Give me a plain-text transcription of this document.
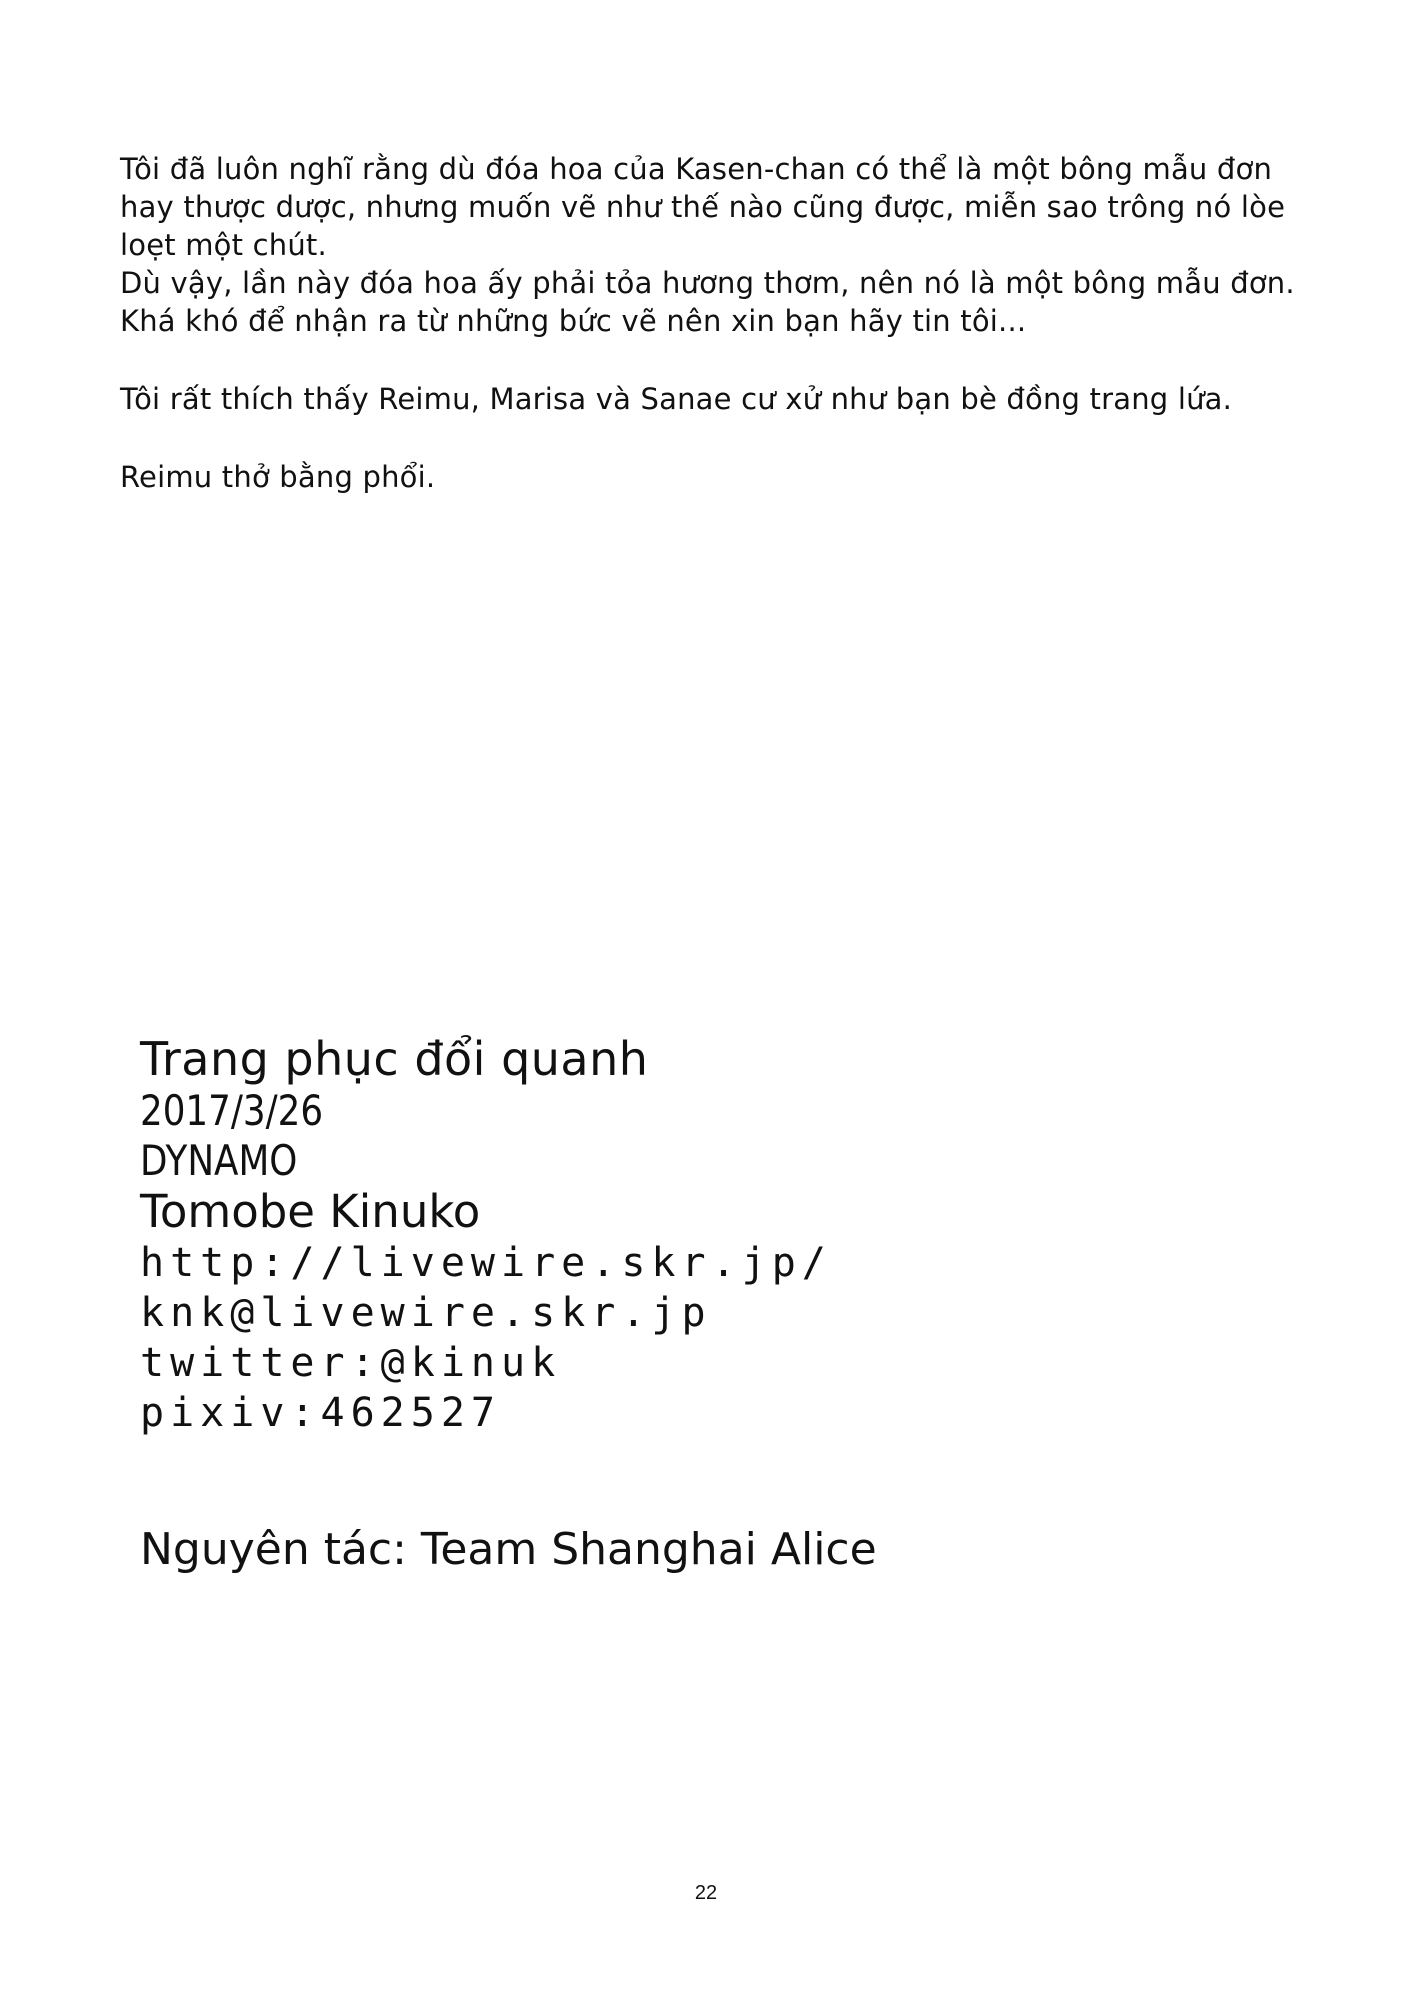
Tôi đã luôn nghĩ rằng dù đóa hoa của Kasen-chan có thể là một bông mẫu đơn
hay thược dược, nhưng muốn vẽ như thế nào cũng được, miễn sao trông nó lòe
loẹt một chút.

Dù vậy, lần này đóa hoa ấy phải tỏa hương thơm, nên nó là một bông mẫu đơn.
Khá khó để nhận ra từ những bức vẽ nên xin bạn hãy tin tôi...

Tôi rất thích thấy Reimu, Marisa và Sanae cư xử như bạn bè đồng trang lứa.

Reimu thở bằng phổi.

Trang phục đổi quanh
2017/3/26
DYNAMO
Tomobe Kinuko
http://livewire.skr.jp/
knk@livewire.skr.jp
twitter:@kinuk
pixiv:462527
Nguyên tác: Team Shanghai Alice
22
